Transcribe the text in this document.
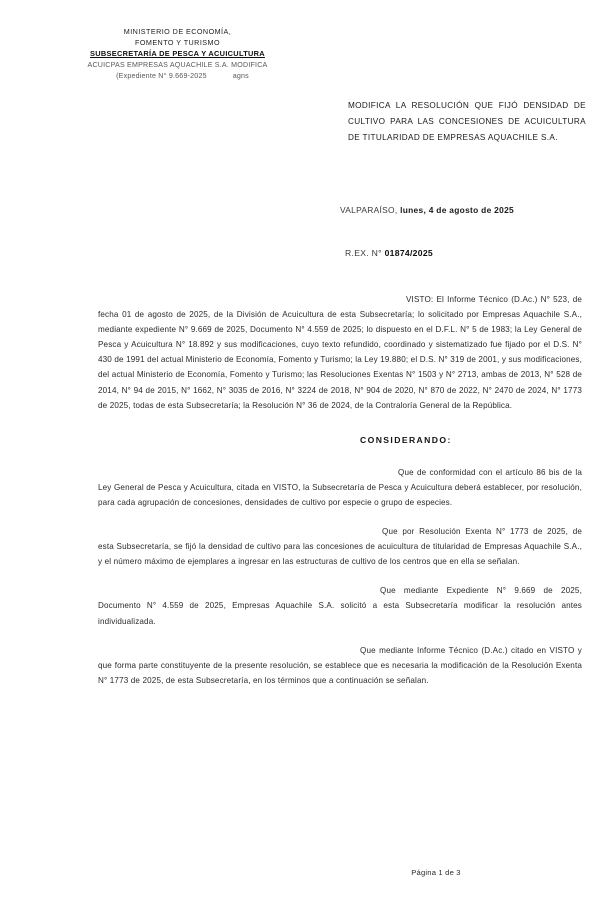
MINISTERIO DE ECONOMÍA,
FOMENTO Y TURISMO
SUBSECRETARÍA DE PESCA Y ACUICULTURA
ACUICPAS EMPRESAS AQUACHILE S.A. MODIFICA
(Expediente N° 9.669-2025	agns
MODIFICA LA RESOLUCIÓN QUE FIJÓ DENSIDAD DE CULTIVO PARA LAS CONCESIONES DE ACUICULTURA DE TITULARIDAD DE EMPRESAS AQUACHILE S.A.
VALPARAÍSO, lunes, 4 de agosto de 2025
R.EX. N° 01874/2025

VISTO: El Informe Técnico (D.Ac.) N° 523, de fecha 01 de agosto de 2025, de la División de Acuicultura de esta Subsecretaría; lo solicitado por Empresas Aquachile S.A., mediante expediente N° 9.669 de 2025, Documento N° 4.559 de 2025; lo dispuesto en el D.F.L. N° 5 de 1983; la Ley General de Pesca y Acuicultura N° 18.892 y sus modificaciones, cuyo texto refundido, coordinado y sistematizado fue fijado por el D.S. N° 430 de 1991 del actual Ministerio de Economía, Fomento y Turismo; la Ley 19.880; el D.S. N° 319 de 2001, y sus modificaciones, del actual Ministerio de Economía, Fomento y Turismo; las Resoluciones Exentas N° 1503 y N° 2713, ambas de 2013, N° 528 de 2014, N° 94 de 2015, N° 1662, N° 3035 de 2016, N° 3224 de 2018, N° 904 de 2020, N° 870 de 2022, N° 2470 de 2024, N° 1773 de 2025, todas de esta Subsecretaría; la Resolución N° 36 de 2024, de la Contraloría General de la República.

CONSIDERANDO:

Que de conformidad con el artículo 86 bis de la Ley General de Pesca y Acuicultura, citada en VISTO, la Subsecretaría de Pesca y Acuicultura deberá establecer, por resolución, para cada agrupación de concesiones, densidades de cultivo por especie o grupo de especies.

Que por Resolución Exenta N° 1773 de 2025, de esta Subsecretaría, se fijó la densidad de cultivo para las concesiones de acuicultura de titularidad de Empresas Aquachile S.A., y el número máximo de ejemplares a ingresar en las estructuras de cultivo de los centros que en ella se señalan.

Que mediante Expediente N° 9.669 de 2025, Documento N° 4.559 de 2025, Empresas Aquachile S.A. solicitó a esta Subsecretaría modificar la resolución antes individualizada.

Que mediante Informe Técnico (D.Ac.) citado en VISTO y que forma parte constituyente de la presente resolución, se establece que es necesaria la modificación de la Resolución Exenta N° 1773 de 2025, de esta Subsecretaría, en los términos que a continuación se señalan.

Página 1 de 3
